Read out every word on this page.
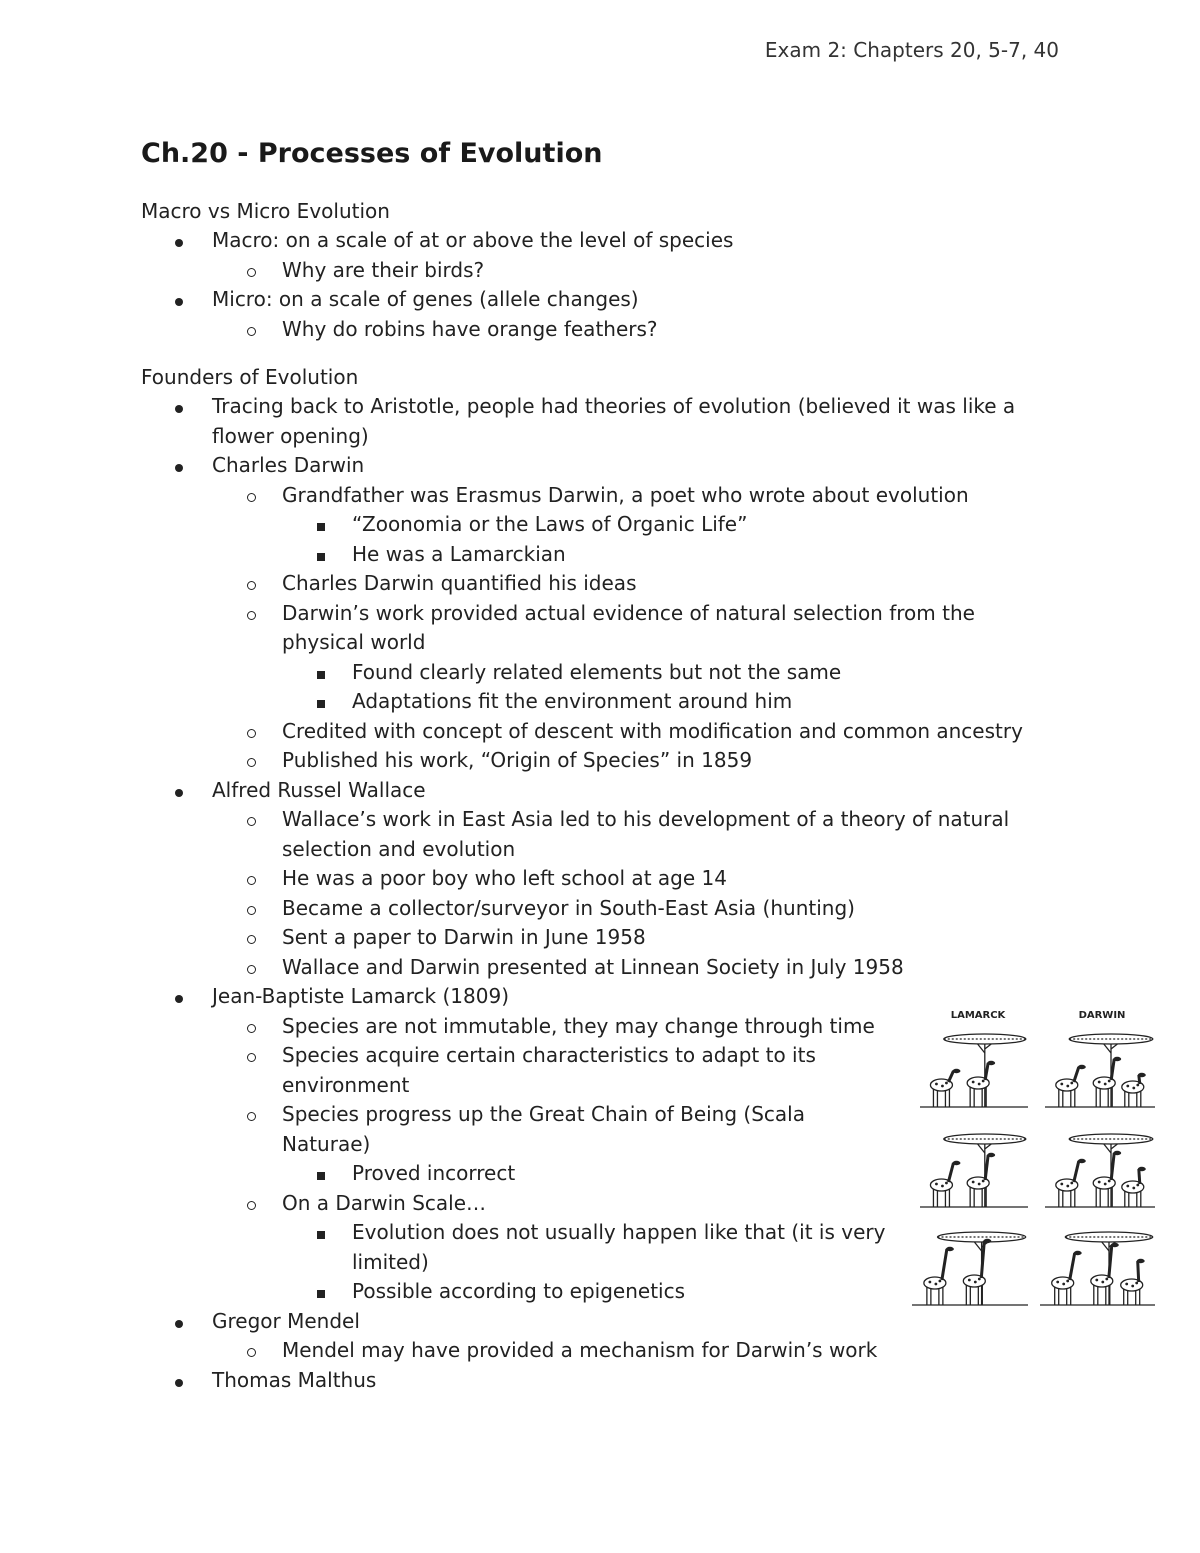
Exam 2: Chapters 20, 5-7, 40
Ch.20 - Processes of Evolution
Macro vs Micro Evolution
Macro: on a scale of at or above the level of species
Why are their birds?
Micro: on a scale of genes (allele changes)
Why do robins have orange feathers?
Founders of Evolution
Tracing back to Aristotle, people had theories of evolution (believed it was like a flower opening)
Charles Darwin
Grandfather was Erasmus Darwin, a poet who wrote about evolution
“Zoonomia or the Laws of Organic Life”
He was a Lamarckian
Charles Darwin quantified his ideas
Darwin’s work provided actual evidence of natural selection from the physical world
Found clearly related elements but not the same
Adaptations fit the environment around him
Credited with concept of descent with modification and common ancestry
Published his work, “Origin of Species” in 1859
Alfred Russel Wallace
Wallace’s work in East Asia led to his development of a theory of natural selection and evolution
He was a poor boy who left school at age 14
Became a collector/surveyor in South-East Asia (hunting)
Sent a paper to Darwin in June 1958
Wallace and Darwin presented at Linnean Society in July 1958
Jean-Baptiste Lamarck (1809)
Species are not immutable, they may change through time
Species acquire certain characteristics to adapt to its environment
Species progress up the Great Chain of Being (Scala Naturae)
Proved incorrect
On a Darwin Scale…
Evolution does not usually happen like that (it is very limited)
Possible according to epigenetics
Gregor Mendel
Mendel may have provided a mechanism for Darwin’s work
Thomas Malthus
LAMARCK	DARWIN
